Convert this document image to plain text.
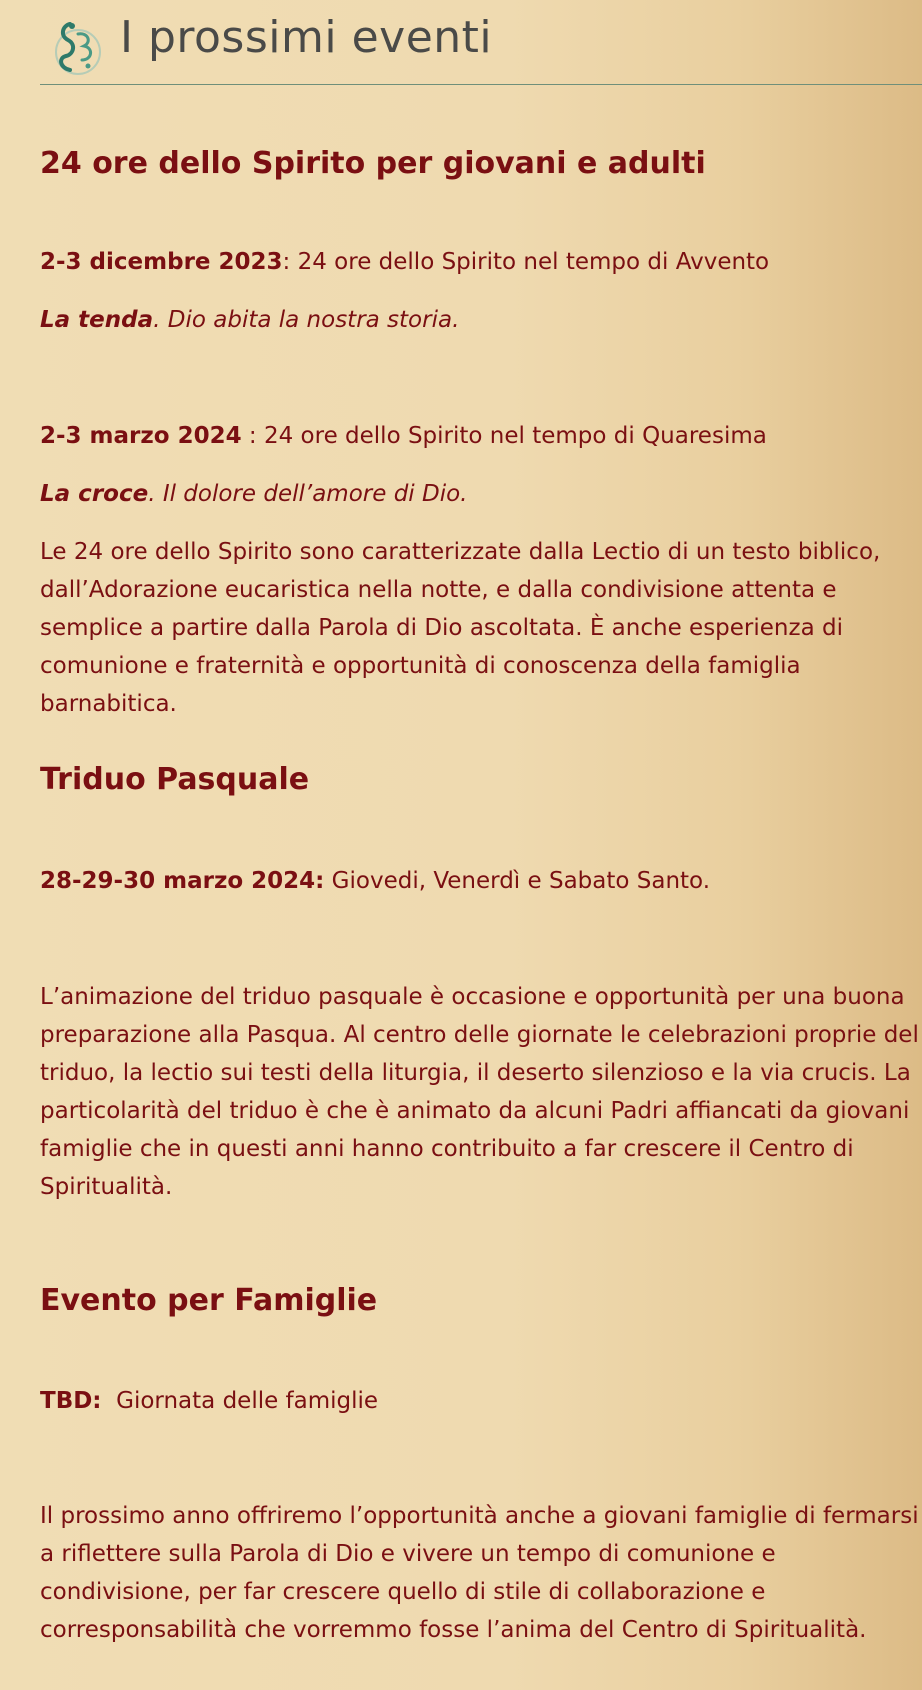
I prossimi eventi
24 ore dello Spirito per giovani e adulti

2-3 dicembre 2023: 24 ore dello Spirito nel tempo di Avvento

La tenda. Dio abita la nostra storia.

2-3 marzo 2024 : 24 ore dello Spirito nel tempo di Quaresima

La croce. Il dolore dell’amore di Dio.

Le 24 ore dello Spirito sono caratterizzate dalla Lectio di un testo biblico, dall’Adorazione eucaristica nella notte, e dalla condivisione attenta e semplice a partire dalla Parola di Dio ascoltata. È anche esperienza di comunione e fraternità e opportunità di conoscenza della famiglia barnabitica.

Triduo Pasquale

28-29-30 marzo 2024: Giovedi, Venerdì e Sabato Santo.

L’animazione del triduo pasquale è occasione e opportunità per una buona preparazione alla Pasqua. Al centro delle giornate le celebrazioni proprie del triduo, la lectio sui testi della liturgia, il deserto silenzioso e la via crucis. La particolarità del triduo è che è animato da alcuni Padri affiancati da giovani famiglie che in questi anni hanno contribuito a far crescere il Centro di Spiritualità.

Evento per Famiglie

TBD:  Giornata delle famiglie

Il prossimo anno offriremo l’opportunità anche a giovani famiglie di fermarsi a riflettere sulla Parola di Dio e vivere un tempo di comunione e condivisione, per far crescere quello di stile di collaborazione e corresponsabilità che vorremmo fosse l’anima del Centro di Spiritualità.
